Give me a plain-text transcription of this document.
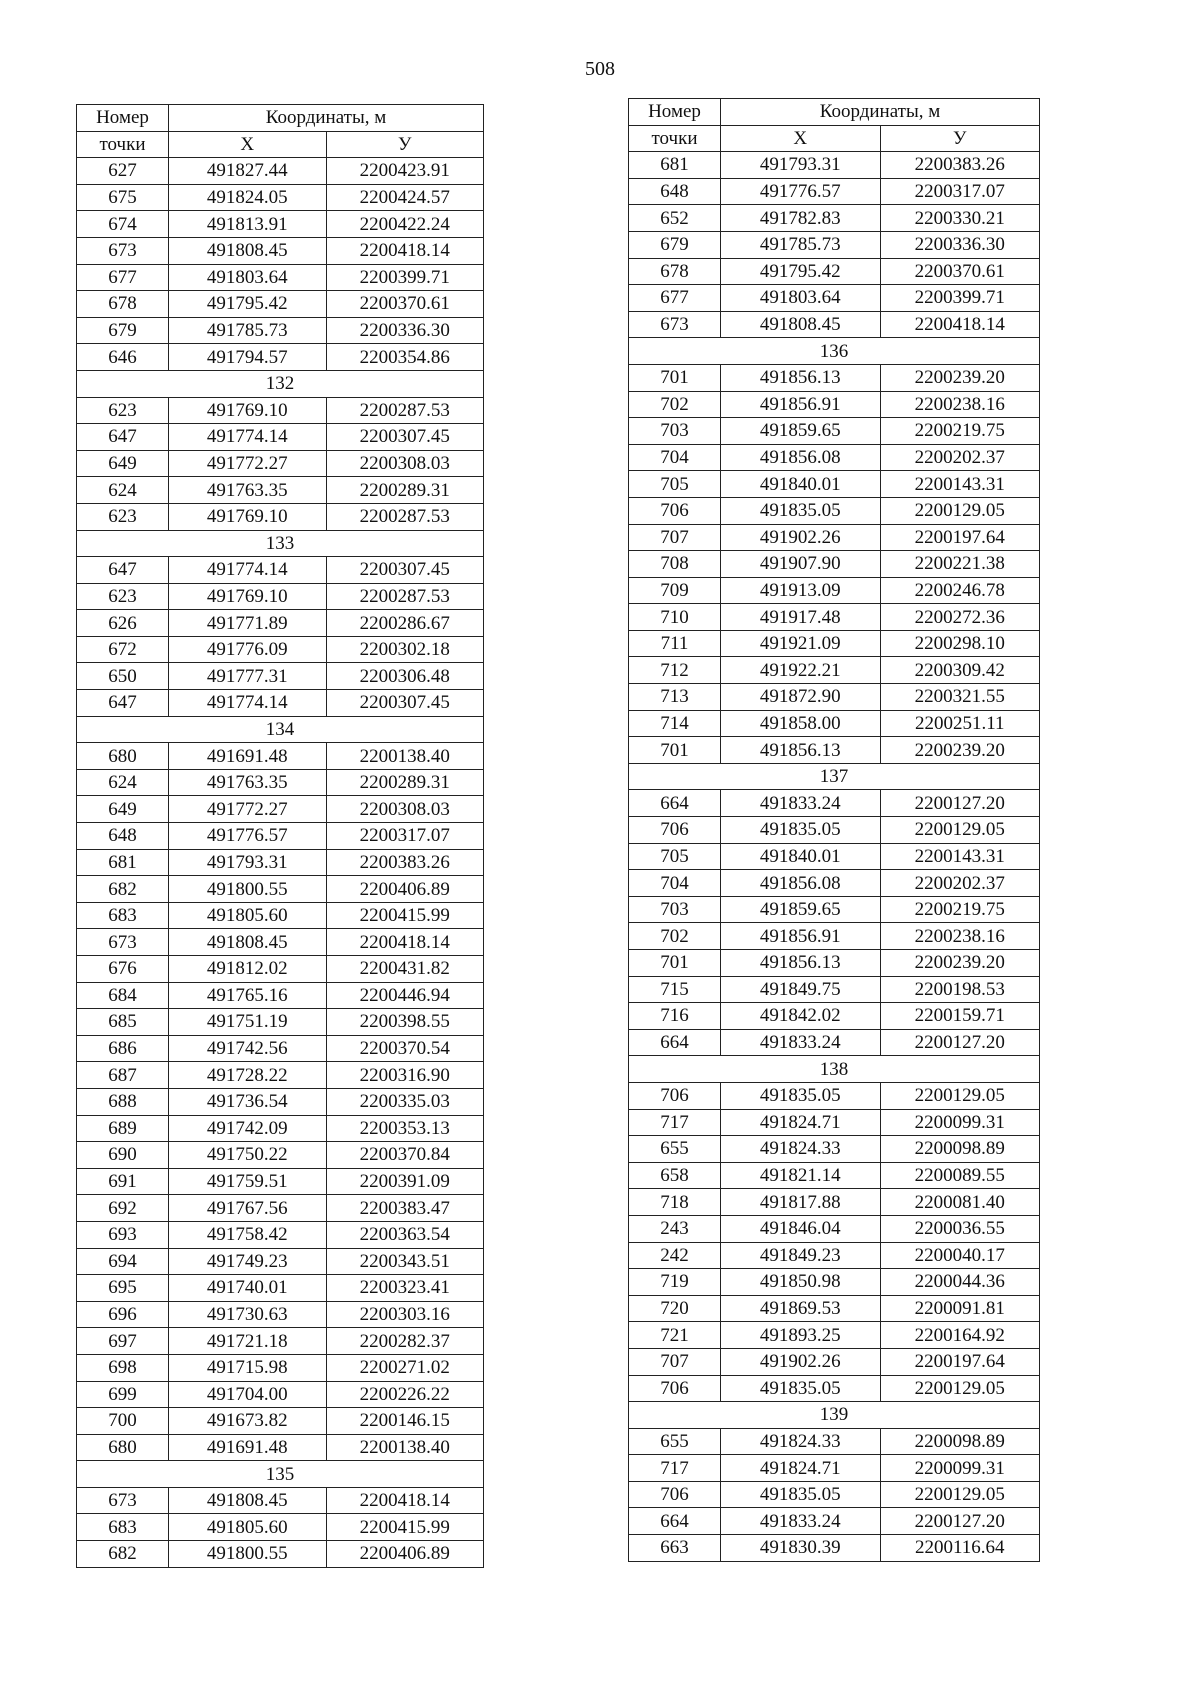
508
Номер	Координаты, м	
точки	X	У
627	491827.44	2200423.91
675	491824.05	2200424.57
674	491813.91	2200422.24
673	491808.45	2200418.14
677	491803.64	2200399.71
678	491795.42	2200370.61
679	491785.73	2200336.30
646	491794.57	2200354.86
132		
623	491769.10	2200287.53
647	491774.14	2200307.45
649	491772.27	2200308.03
624	491763.35	2200289.31
623	491769.10	2200287.53
133		
647	491774.14	2200307.45
623	491769.10	2200287.53
626	491771.89	2200286.67
672	491776.09	2200302.18
650	491777.31	2200306.48
647	491774.14	2200307.45
134		
680	491691.48	2200138.40
624	491763.35	2200289.31
649	491772.27	2200308.03
648	491776.57	2200317.07
681	491793.31	2200383.26
682	491800.55	2200406.89
683	491805.60	2200415.99
673	491808.45	2200418.14
676	491812.02	2200431.82
684	491765.16	2200446.94
685	491751.19	2200398.55
686	491742.56	2200370.54
687	491728.22	2200316.90
688	491736.54	2200335.03
689	491742.09	2200353.13
690	491750.22	2200370.84
691	491759.51	2200391.09
692	491767.56	2200383.47
693	491758.42	2200363.54
694	491749.23	2200343.51
695	491740.01	2200323.41
696	491730.63	2200303.16
697	491721.18	2200282.37
698	491715.98	2200271.02
699	491704.00	2200226.22
700	491673.82	2200146.15
680	491691.48	2200138.40
135		
673	491808.45	2200418.14
683	491805.60	2200415.99
682	491800.55	2200406.89
Номер	Координаты, м	
точки	X	У
681	491793.31	2200383.26
648	491776.57	2200317.07
652	491782.83	2200330.21
679	491785.73	2200336.30
678	491795.42	2200370.61
677	491803.64	2200399.71
673	491808.45	2200418.14
136		
701	491856.13	2200239.20
702	491856.91	2200238.16
703	491859.65	2200219.75
704	491856.08	2200202.37
705	491840.01	2200143.31
706	491835.05	2200129.05
707	491902.26	2200197.64
708	491907.90	2200221.38
709	491913.09	2200246.78
710	491917.48	2200272.36
711	491921.09	2200298.10
712	491922.21	2200309.42
713	491872.90	2200321.55
714	491858.00	2200251.11
701	491856.13	2200239.20
137		
664	491833.24	2200127.20
706	491835.05	2200129.05
705	491840.01	2200143.31
704	491856.08	2200202.37
703	491859.65	2200219.75
702	491856.91	2200238.16
701	491856.13	2200239.20
715	491849.75	2200198.53
716	491842.02	2200159.71
664	491833.24	2200127.20
138		
706	491835.05	2200129.05
717	491824.71	2200099.31
655	491824.33	2200098.89
658	491821.14	2200089.55
718	491817.88	2200081.40
243	491846.04	2200036.55
242	491849.23	2200040.17
719	491850.98	2200044.36
720	491869.53	2200091.81
721	491893.25	2200164.92
707	491902.26	2200197.64
706	491835.05	2200129.05
139		
655	491824.33	2200098.89
717	491824.71	2200099.31
706	491835.05	2200129.05
664	491833.24	2200127.20
663	491830.39	2200116.64
